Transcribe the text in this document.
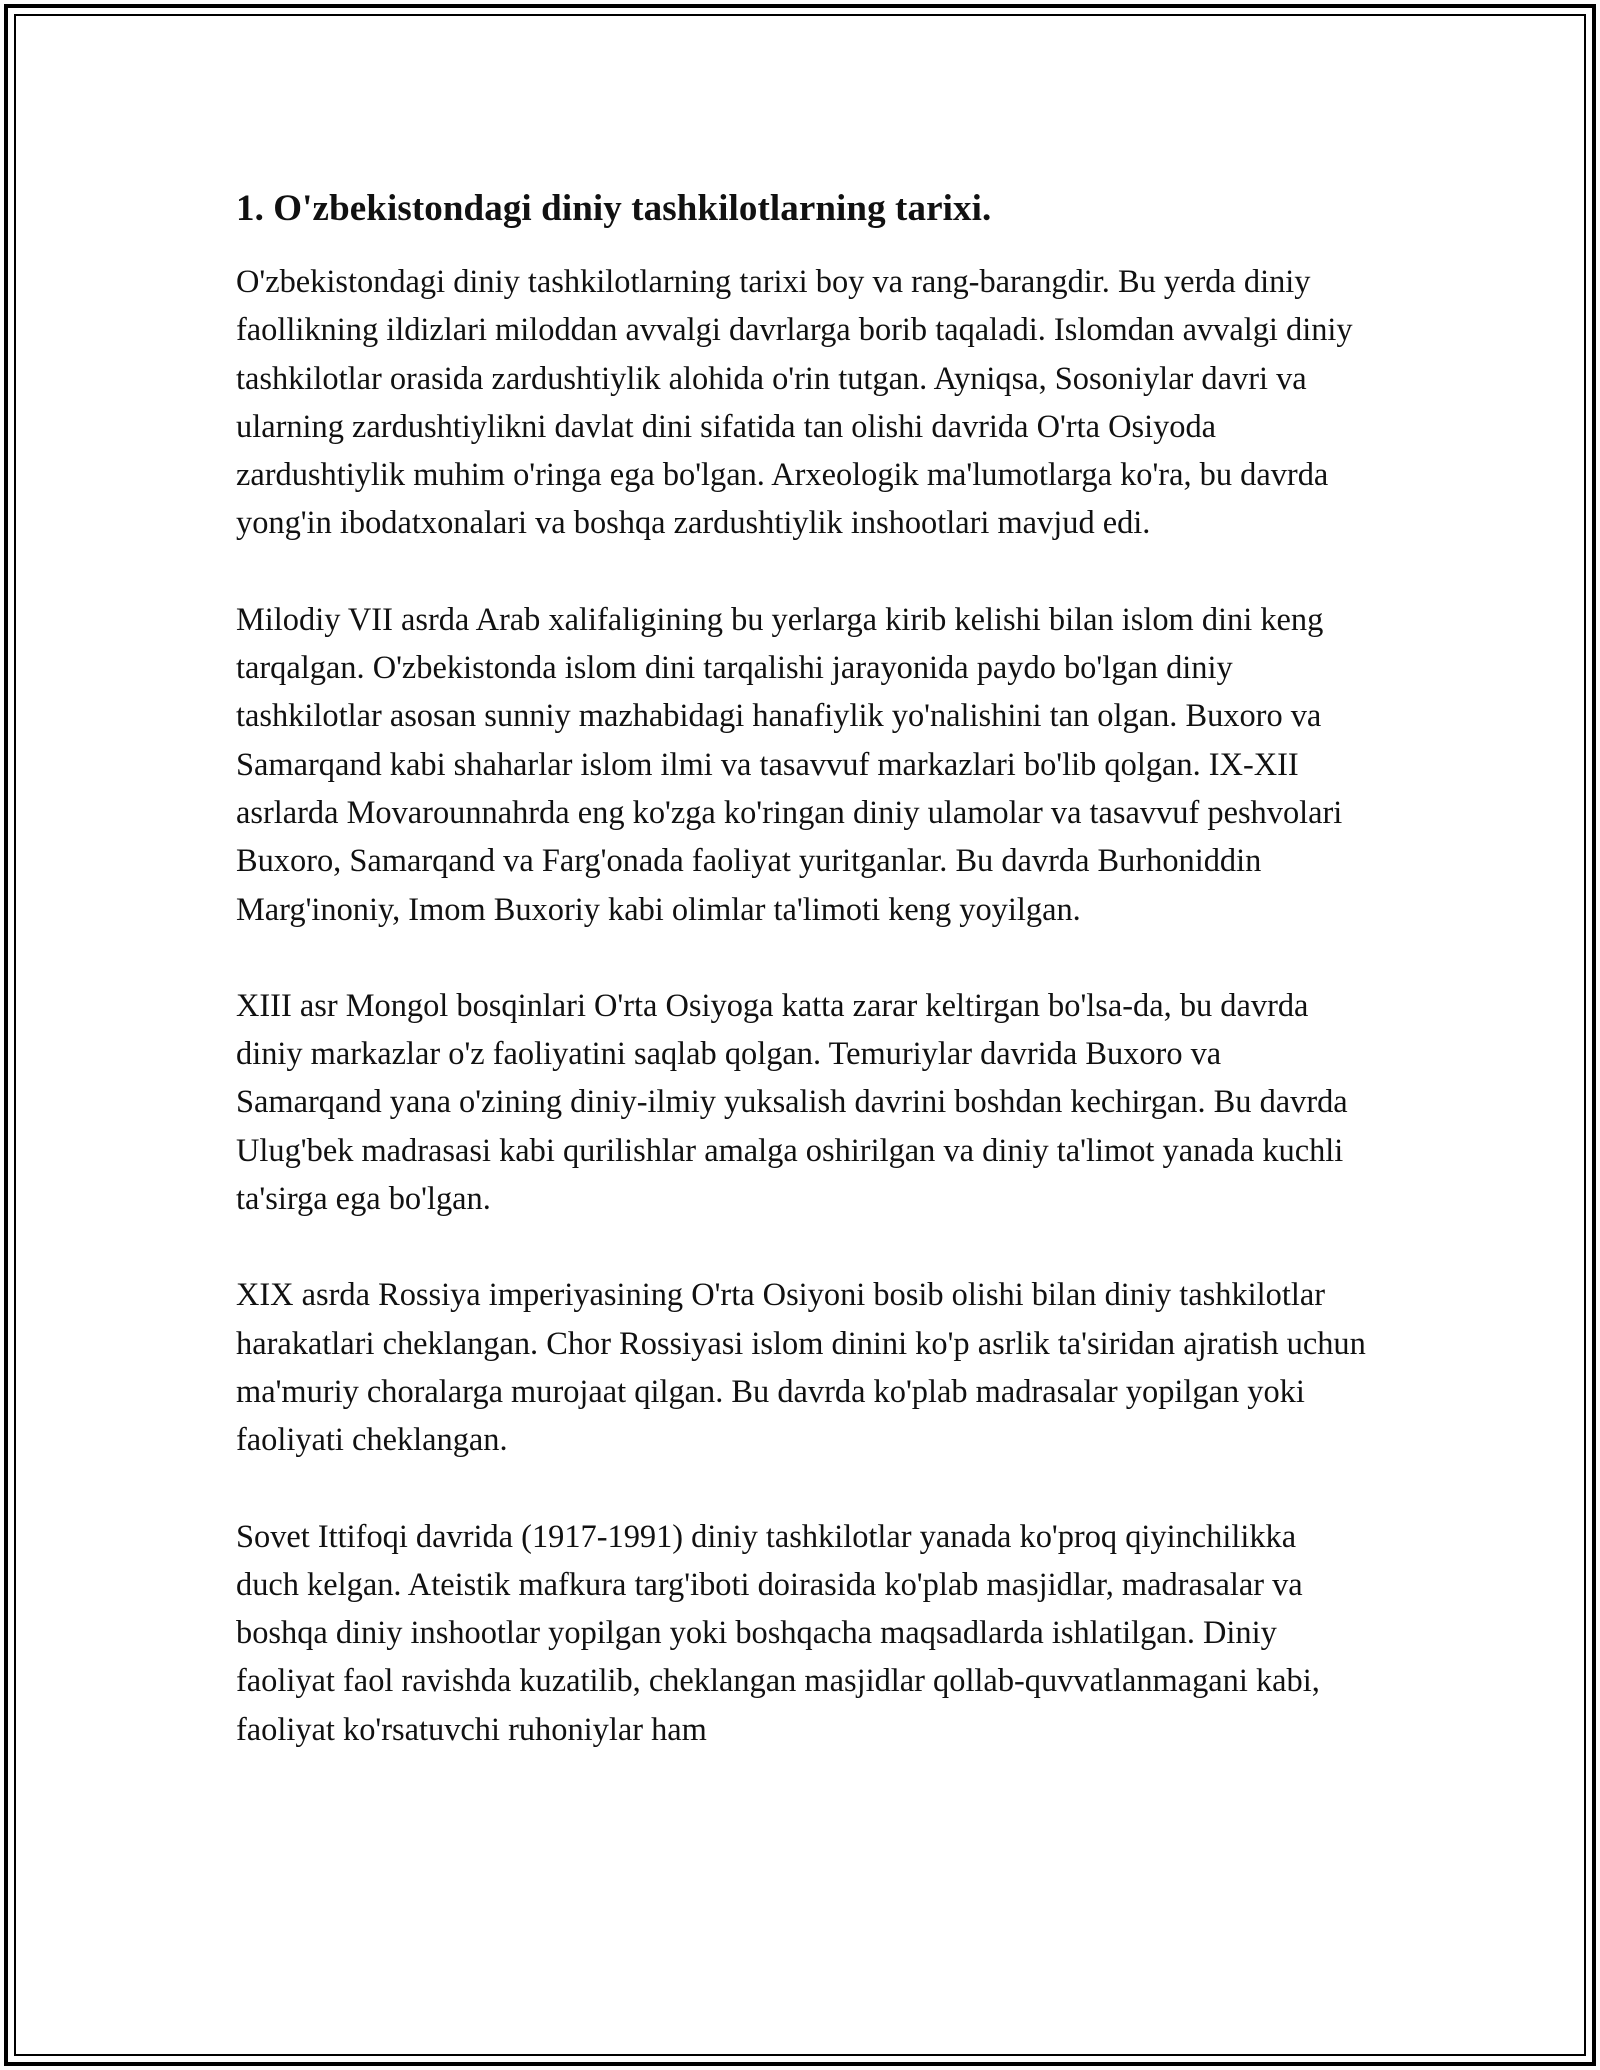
1. O'zbekistondagi diniy tashkilotlarning tarixi.

O'zbekistondagi diniy tashkilotlarning tarixi boy va rang-barangdir. Bu yerda diniy faollikning ildizlari miloddan avvalgi davrlarga borib taqaladi. Islomdan avvalgi diniy tashkilotlar orasida zardushtiylik alohida o'rin tutgan. Ayniqsa, Sosoniylar davri va ularning zardushtiylikni davlat dini sifatida tan olishi davrida O'rta Osiyoda zardushtiylik muhim o'ringa ega bo'lgan. Arxeologik ma'lumotlarga ko'ra, bu davrda yong'in ibodatxonalari va boshqa zardushtiylik inshootlari mavjud edi.

Milodiy VII asrda Arab xalifaligining bu yerlarga kirib kelishi bilan islom dini keng tarqalgan. O'zbekistonda islom dini tarqalishi jarayonida paydo bo'lgan diniy tashkilotlar asosan sunniy mazhabidagi hanafiylik yo'nalishini tan olgan. Buxoro va Samarqand kabi shaharlar islom ilmi va tasavvuf markazlari bo'lib qolgan. IX-XII asrlarda Movarounnahrda eng ko'zga ko'ringan diniy ulamolar va tasavvuf peshvolari Buxoro, Samarqand va Farg'onada faoliyat yuritganlar. Bu davrda Burhoniddin Marg'inoniy, Imom Buxoriy kabi olimlar ta'limoti keng yoyilgan.

XIII asr Mongol bosqinlari O'rta Osiyoga katta zarar keltirgan bo'lsa-da, bu davrda diniy markazlar o'z faoliyatini saqlab qolgan. Temuriylar davrida Buxoro va Samarqand yana o'zining diniy-ilmiy yuksalish davrini boshdan kechirgan. Bu davrda Ulug'bek madrasasi kabi qurilishlar amalga oshirilgan va diniy ta'limot yanada kuchli ta'sirga ega bo'lgan.

XIX asrda Rossiya imperiyasining O'rta Osiyoni bosib olishi bilan diniy tashkilotlar harakatlari cheklangan. Chor Rossiyasi islom dinini ko'p asrlik ta'siridan ajratish uchun ma'muriy choralarga murojaat qilgan. Bu davrda ko'plab madrasalar yopilgan yoki faoliyati cheklangan.

Sovet Ittifoqi davrida (1917-1991) diniy tashkilotlar yanada ko'proq qiyinchilikka duch kelgan. Ateistik mafkura targ'iboti doirasida ko'plab masjidlar, madrasalar va boshqa diniy inshootlar yopilgan yoki boshqacha maqsadlarda ishlatilgan. Diniy faoliyat faol ravishda kuzatilib, cheklangan masjidlar qollab-quvvatlanmagani kabi, faoliyat ko'rsatuvchi ruhoniylar ham
